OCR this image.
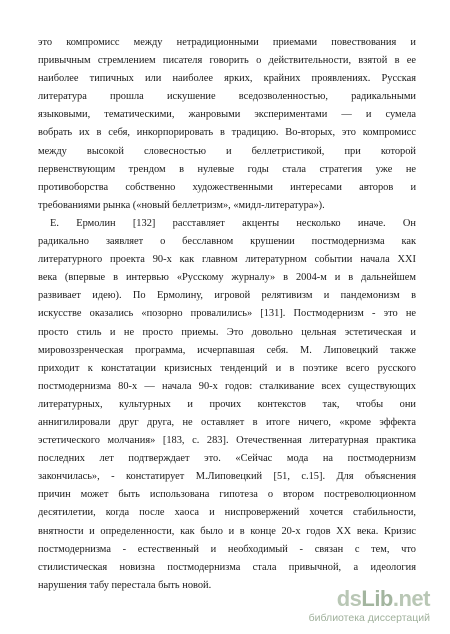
это компромисс между нетрадиционными приемами повествования и
привычным стремлением писателя говорить о действительности, взятой в ее
наиболее типичных или наиболее ярких, крайних проявлениях. Русская
литература прошла искушение вседозволенностью, радикальными
языковыми, тематическими, жанровыми экспериментами — и сумела
вобрать их в себя, инкорпорировать в традицию. Во-вторых, это компромисс
между высокой словесностью и беллетристикой, при которой
первенствующим трендом в нулевые годы стала стратегия уже не
противоборства собственно художественными интересами авторов и
требованиями рынка («новый беллетризм», «мидл-литература»).
Е. Ермолин [132] расставляет акценты несколько иначе. Он
радикально заявляет о бесславном крушении постмодернизма как
литературного проекта 90-х как главном литературном событии начала XXI
века (впервые в интервью «Русскому журналу» в 2004-м и в дальнейшем
развивает идею). По Ермолину, игровой релятивизм и пандемонизм в
искусстве оказались «позорно провалились» [131]. Постмодернизм - это не
просто стиль и не просто приемы. Это довольно цельная эстетическая и
мировоззренческая программа, исчерпавшая себя. М. Липовецкий также
приходит к констатации кризисных тенденций и в поэтике всего русского
постмодернизма 80-х — начала 90-х годов: сталкивание всех существующих
литературных, культурных и прочих контекстов так, чтобы они
аннигилировали друг друга, не оставляет в итоге ничего, «кроме эффекта
эстетического молчания» [183, с. 283]. Отечественная литературная практика
последних лет подтверждает это. «Сейчас мода на постмодернизм
закончилась», - констатирует М.Липовецкий [51, с.15]. Для объяснения
причин может быть использована гипотеза о втором постреволюционном
десятилетии, когда после хаоса и ниспровержений хочется стабильности,
внятности и определенности, как было и в конце 20-х годов XX века. Кризис
постмодернизма - естественный и необходимый - связан с тем, что
стилистическая новизна постмодернизма стала привычной, а идеология
нарушения табу перестала быть новой.
dsLib.net
библиотека диссертаций
